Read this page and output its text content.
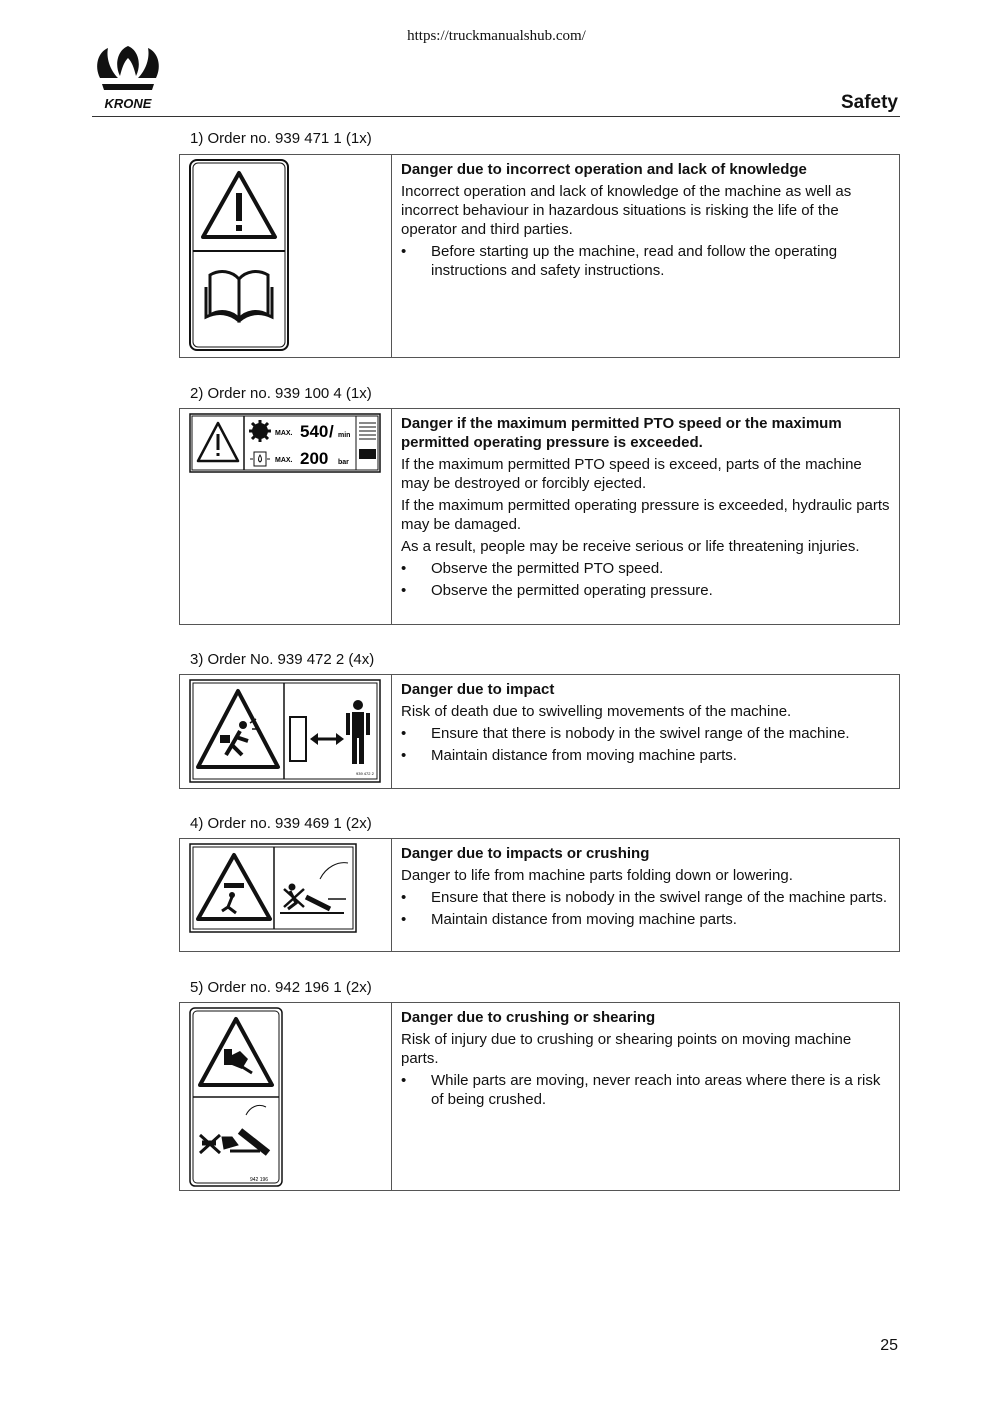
https://truckmanualshub.com/
KRONE	Safety
1) Order no. 939 471 1 (1x)

Danger due to incorrect operation and lack of knowledge

Incorrect operation and lack of knowledge of the machine as well as incorrect behaviour in hazardous situations is risking the life of the operator and third parties.

• Before starting up the machine, read and follow the operating instructions and safety instructions.
2) Order no. 939 100 4 (1x)
MAX. 540 / min
MAX. 200 bar

Danger if the maximum permitted PTO speed or the maximum permitted operating pressure is exceeded.

If the maximum permitted PTO speed is exceed, parts of the machine may be destroyed or forcibly ejected.

If the maximum permitted operating pressure is exceeded, hydraulic parts may be damaged.

As a result, people may be receive serious or life threatening injuries.

• Observe the permitted PTO speed.
• Observe the permitted operating pressure.
3) Order No. 939 472 2 (4x)
939 472 2

Danger due to impact

Risk of death due to swivelling movements of the machine.

• Ensure that there is nobody in the swivel range of the machine.
• Maintain distance from moving machine parts.
4) Order no. 939 469 1 (2x)

Danger due to impacts or crushing

Danger to life from machine parts folding down or lowering.

• Ensure that there is nobody in the swivel range of the machine parts.
• Maintain distance from moving machine parts.
5) Order no. 942 196 1 (2x)
942 196

Danger due to crushing or shearing

Risk of injury due to crushing or shearing points on moving machine parts.

• While parts are moving, never reach into areas where there is a risk of being crushed.
25
